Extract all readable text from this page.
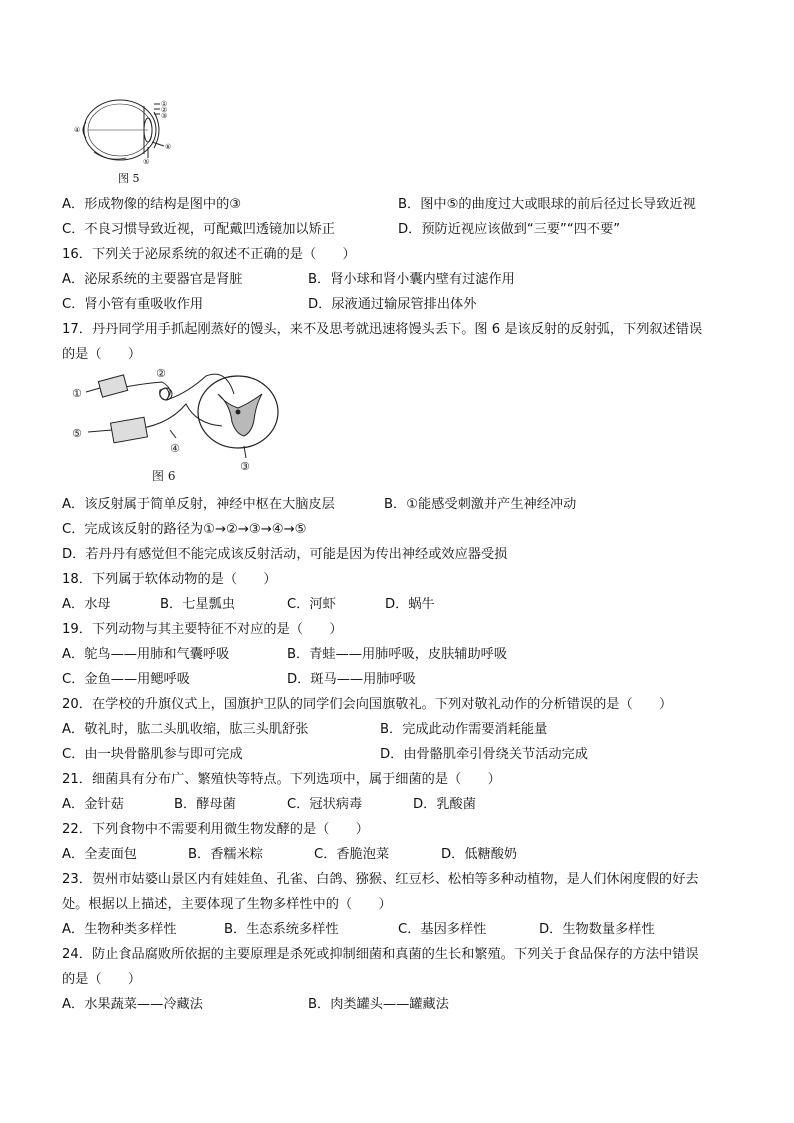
①
②
③
④
⑤
⑥
图 5
A．形成物像的结构是图中的③	B．图中⑤的曲度过大或眼球的前后径过长导致近视
C．不良习惯导致近视，可配戴凹透镜加以矫正	D．预防近视应该做到“三要”“四不要”
16．下列关于泌尿系统的叙述不正确的是（　　）
A．泌尿系统的主要器官是肾脏	B．肾小球和肾小囊内壁有过滤作用
C．肾小管有重吸收作用	D．尿液通过输尿管排出体外
17．丹丹同学用手抓起刚蒸好的馒头，来不及思考就迅速将馒头丢下。图 6 是该反射的反射弧，下列叙述错误
的是（　　）
①
②
③
④
⑤
图 6
A．该反射属于简单反射，神经中枢在大脑皮层	B．①能感受刺激并产生神经冲动
C．完成该反射的路径为①→②→③→④→⑤
D．若丹丹有感觉但不能完成该反射活动，可能是因为传出神经或效应器受损
18．下列属于软体动物的是（　　）
A．水母	B．七星瓢虫	C．河虾	D．蜗牛
19．下列动物与其主要特征不对应的是（　　）
A．鸵鸟——用肺和气囊呼吸	B．青蛙——用肺呼吸，皮肤辅助呼吸
C．金鱼——用鳃呼吸	D．斑马——用肺呼吸
20．在学校的升旗仪式上，国旗护卫队的同学们会向国旗敬礼。下列对敬礼动作的分析错误的是（　　）
A．敬礼时，肱二头肌收缩，肱三头肌舒张	B．完成此动作需要消耗能量
C．由一块骨骼肌参与即可完成	D．由骨骼肌牵引骨绕关节活动完成
21．细菌具有分布广、繁殖快等特点。下列选项中，属于细菌的是（　　）
A．金针菇	B．酵母菌	C．冠状病毒	D．乳酸菌
22．下列食物中不需要利用微生物发酵的是（　　）
A．全麦面包	B．香糯米粽	C．香脆泡菜	D．低糖酸奶
23．贺州市姑婆山景区内有娃娃鱼、孔雀、白鸽、猕猴、红豆杉、松柏等多种动植物，是人们休闲度假的好去
处。根据以上描述，主要体现了生物多样性中的（　　）
A．生物种类多样性	B．生态系统多样性	C．基因多样性	D．生物数量多样性
24．防止食品腐败所依据的主要原理是杀死或抑制细菌和真菌的生长和繁殖。下列关于食品保存的方法中错误
的是（　　）
A．水果蔬菜——冷藏法	B．肉类罐头——罐藏法
